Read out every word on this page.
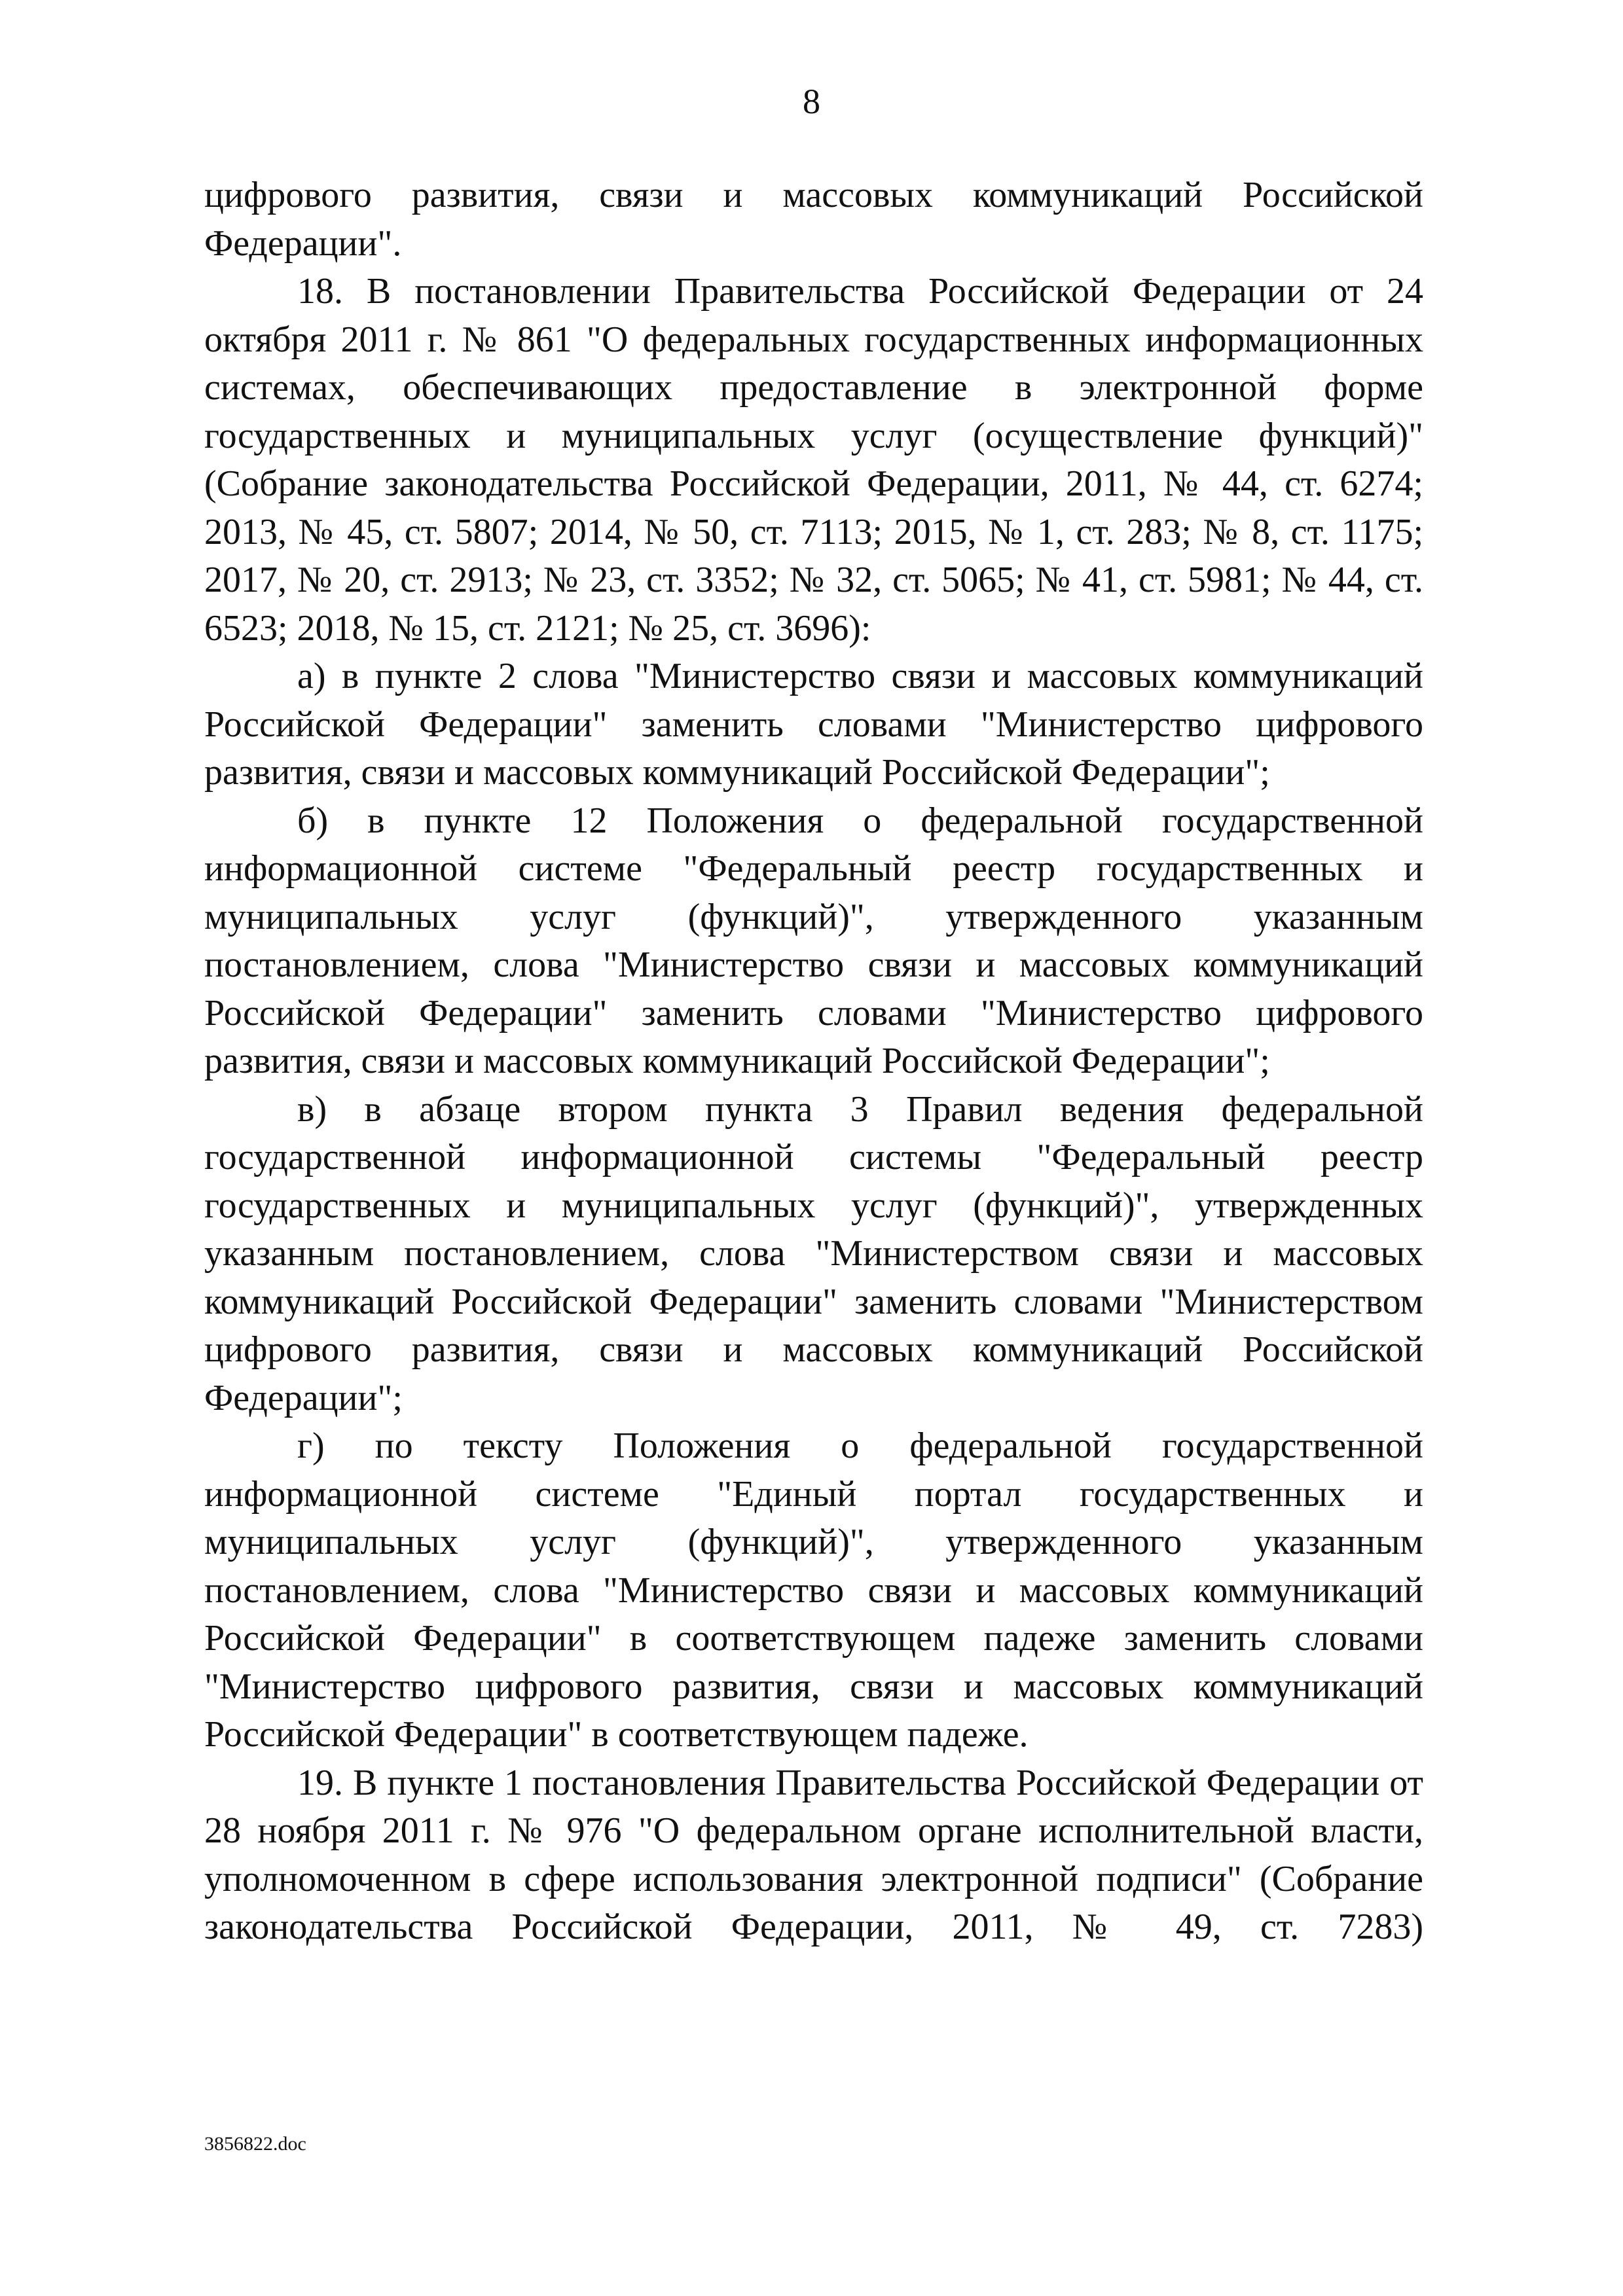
8

цифрового развития, связи и массовых коммуникаций Российской Федерации".

18. В постановлении Правительства Российской Федерации от 24 октября 2011 г. № 861 "О федеральных государственных информационных системах, обеспечивающих предоставление в электронной форме государственных и муниципальных услуг (осуществление функций)" (Собрание законодательства Российской Федерации, 2011, № 44, ст. 6274; 2013, № 45, ст. 5807; 2014, № 50, ст. 7113; 2015, № 1, ст. 283; № 8, ст. 1175; 2017, № 20, ст. 2913; № 23, ст. 3352; № 32, ст. 5065; № 41, ст. 5981; № 44, ст. 6523; 2018, № 15, ст. 2121; № 25, ст. 3696):

а) в пункте 2 слова "Министерство связи и массовых коммуникаций Российской Федерации" заменить словами "Министерство цифрового развития, связи и массовых коммуникаций Российской Федерации";

б) в пункте 12 Положения о федеральной государственной информационной системе "Федеральный реестр государственных и муниципальных услуг (функций)", утвержденного указанным постановлением, слова "Министерство связи и массовых коммуникаций Российской Федерации" заменить словами "Министерство цифрового развития, связи и массовых коммуникаций Российской Федерации";

в) в абзаце втором пункта 3 Правил ведения федеральной государственной информационной системы "Федеральный реестр государственных и муниципальных услуг (функций)", утвержденных указанным постановлением, слова "Министерством связи и массовых коммуникаций Российской Федерации" заменить словами "Министерством цифрового развития, связи и массовых коммуникаций Российской Федерации";

г) по тексту Положения о федеральной государственной информационной системе "Единый портал государственных и муниципальных услуг (функций)", утвержденного указанным постановлением, слова "Министерство связи и массовых коммуникаций Российской Федерации" в соответствующем падеже заменить словами "Министерство цифрового развития, связи и массовых коммуникаций Российской Федерации" в соответствующем падеже.

19. В пункте 1 постановления Правительства Российской Федерации от 28 ноября 2011 г. № 976 "О федеральном органе исполнительной власти, уполномоченном в сфере использования электронной подписи" (Собрание законодательства Российской Федерации, 2011, № 49, ст. 7283)

3856822.doc
